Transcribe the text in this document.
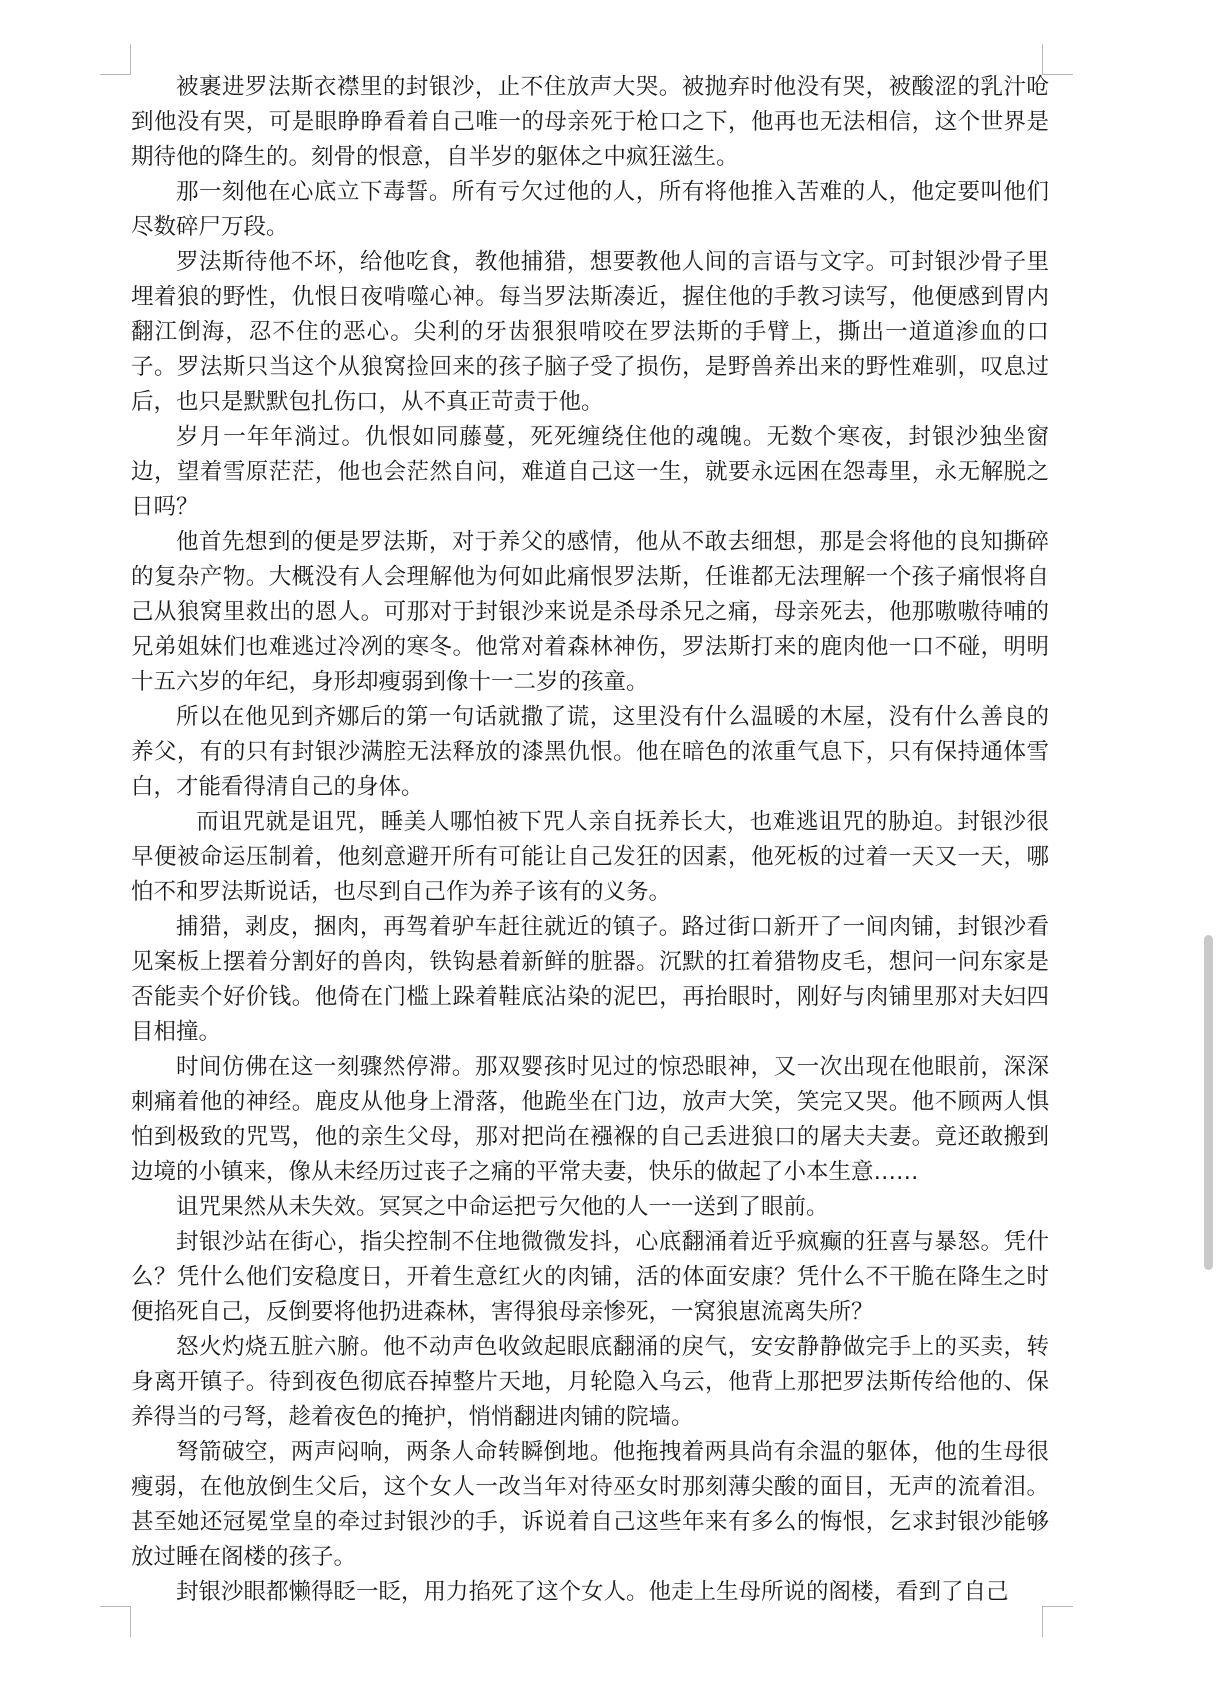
被裹进罗法斯衣襟里的封银沙，止不住放声大哭。被抛弃时他没有哭，被酸涩的乳汁呛到他没有哭，可是眼睁睁看着自己唯一的母亲死于枪口之下，他再也无法相信，这个世界是期待他的降生的。刻骨的恨意，自半岁的躯体之中疯狂滋生。

那一刻他在心底立下毒誓。所有亏欠过他的人，所有将他推入苦难的人，他定要叫他们尽数碎尸万段。

罗法斯待他不坏，给他吃食，教他捕猎，想要教他人间的言语与文字。可封银沙骨子里埋着狼的野性，仇恨日夜啃噬心神。每当罗法斯凑近，握住他的手教习读写，他便感到胃内翻江倒海，忍不住的恶心。尖利的牙齿狠狠啃咬在罗法斯的手臂上，撕出一道道渗血的口子。罗法斯只当这个从狼窝捡回来的孩子脑子受了损伤，是野兽养出来的野性难驯，叹息过后，也只是默默包扎伤口，从不真正苛责于他。

岁月一年年淌过。仇恨如同藤蔓，死死缠绕住他的魂魄。无数个寒夜，封银沙独坐窗边，望着雪原茫茫，他也会茫然自问，难道自己这一生，就要永远困在怨毒里，永无解脱之日吗？

他首先想到的便是罗法斯，对于养父的感情，他从不敢去细想，那是会将他的良知撕碎的复杂产物。大概没有人会理解他为何如此痛恨罗法斯，任谁都无法理解一个孩子痛恨将自己从狼窝里救出的恩人。可那对于封银沙来说是杀母杀兄之痛，母亲死去，他那嗷嗷待哺的兄弟姐妹们也难逃过冷冽的寒冬。他常对着森林神伤，罗法斯打来的鹿肉他一口不碰，明明十五六岁的年纪，身形却瘦弱到像十一二岁的孩童。

所以在他见到齐娜后的第一句话就撒了谎，这里没有什么温暖的木屋，没有什么善良的养父，有的只有封银沙满腔无法释放的漆黑仇恨。他在暗色的浓重气息下，只有保持通体雪白，才能看得清自己的身体。

而诅咒就是诅咒，睡美人哪怕被下咒人亲自抚养长大，也难逃诅咒的胁迫。封银沙很早便被命运压制着，他刻意避开所有可能让自己发狂的因素，他死板的过着一天又一天，哪怕不和罗法斯说话，也尽到自己作为养子该有的义务。

捕猎，剥皮，捆肉，再驾着驴车赶往就近的镇子。路过街口新开了一间肉铺，封银沙看见案板上摆着分割好的兽肉，铁钩悬着新鲜的脏器。沉默的扛着猎物皮毛，想问一问东家是否能卖个好价钱。他倚在门槛上跺着鞋底沾染的泥巴，再抬眼时，刚好与肉铺里那对夫妇四目相撞。

时间仿佛在这一刻骤然停滞。那双婴孩时见过的惊恐眼神，又一次出现在他眼前，深深刺痛着他的神经。鹿皮从他身上滑落，他跪坐在门边，放声大笑，笑完又哭。他不顾两人惧怕到极致的咒骂，他的亲生父母，那对把尚在襁褓的自己丢进狼口的屠夫夫妻。竟还敢搬到边境的小镇来，像从未经历过丧子之痛的平常夫妻，快乐的做起了小本生意……

诅咒果然从未失效。冥冥之中命运把亏欠他的人一一送到了眼前。

封银沙站在街心，指尖控制不住地微微发抖，心底翻涌着近乎疯癫的狂喜与暴怒。凭什么？凭什么他们安稳度日，开着生意红火的肉铺，活的体面安康？凭什么不干脆在降生之时便掐死自己，反倒要将他扔进森林，害得狼母亲惨死，一窝狼崽流离失所？

怒火灼烧五脏六腑。他不动声色收敛起眼底翻涌的戾气，安安静静做完手上的买卖，转身离开镇子。待到夜色彻底吞掉整片天地，月轮隐入乌云，他背上那把罗法斯传给他的、保养得当的弓弩，趁着夜色的掩护，悄悄翻进肉铺的院墙。

弩箭破空，两声闷响，两条人命转瞬倒地。他拖拽着两具尚有余温的躯体，他的生母很瘦弱，在他放倒生父后，这个女人一改当年对待巫女时那刻薄尖酸的面目，无声的流着泪。甚至她还冠冕堂皇的牵过封银沙的手，诉说着自己这些年来有多么的悔恨，乞求封银沙能够放过睡在阁楼的孩子。

封银沙眼都懒得眨一眨，用力掐死了这个女人。他走上生母所说的阁楼，看到了自己
